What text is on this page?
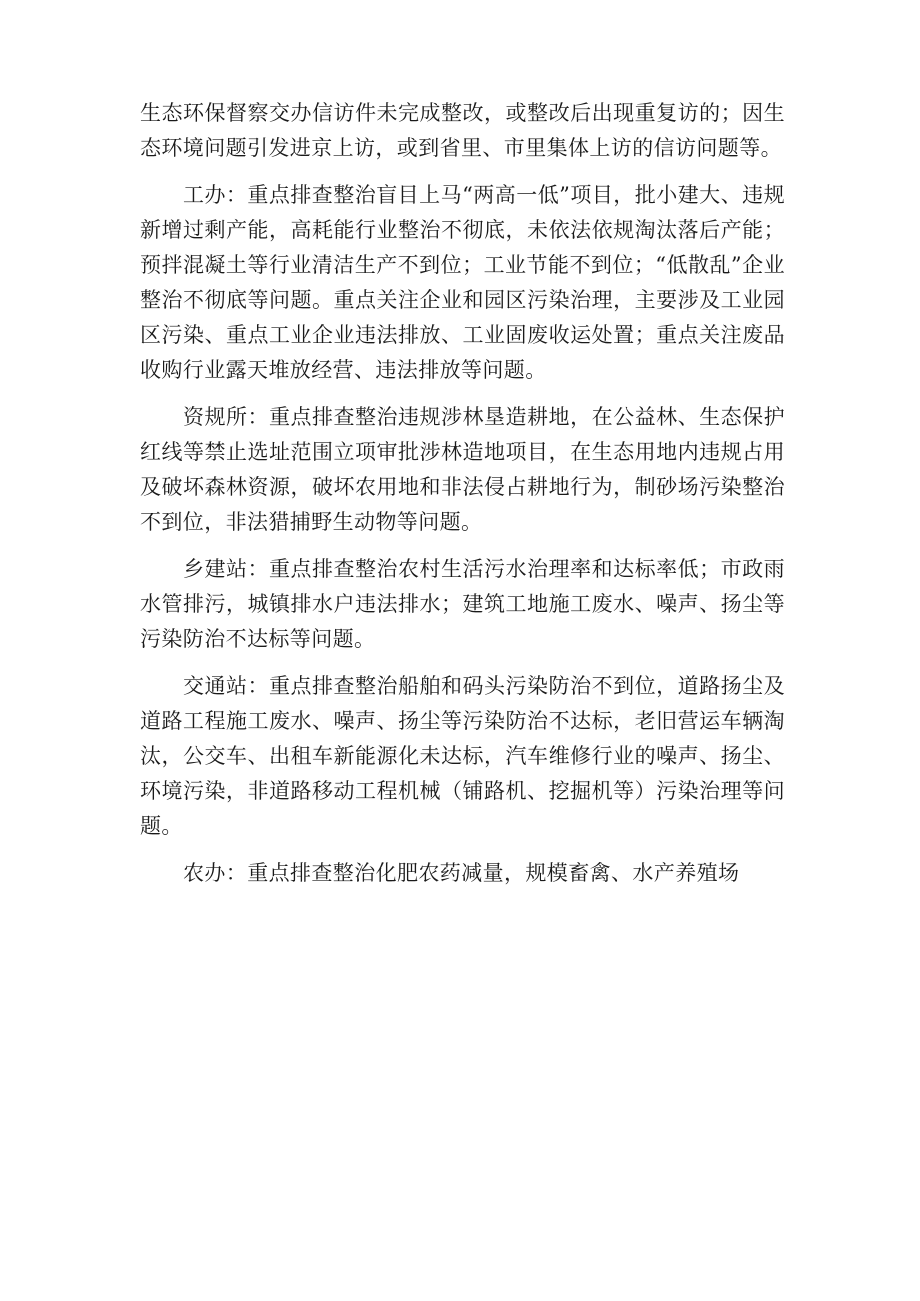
生态环保督察交办信访件未完成整改，或整改后出现重复访的；因生态环境问题引发进京上访，或到省里、市里集体上访的信访问题等。

工办：重点排查整治盲目上马“两高一低”项目，批小建大、违规新增过剩产能，高耗能行业整治不彻底，未依法依规淘汰落后产能；预拌混凝土等行业清洁生产不到位；工业节能不到位；“低散乱”企业整治不彻底等问题。重点关注企业和园区污染治理，主要涉及工业园区污染、重点工业企业违法排放、工业固废收运处置；重点关注废品收购行业露天堆放经营、违法排放等问题。

资规所：重点排查整治违规涉林垦造耕地，在公益林、生态保护红线等禁止选址范围立项审批涉林造地项目，在生态用地内违规占用及破坏森林资源，破坏农用地和非法侵占耕地行为，制砂场污染整治不到位，非法猎捕野生动物等问题。

乡建站：重点排查整治农村生活污水治理率和达标率低；市政雨水管排污，城镇排水户违法排水；建筑工地施工废水、噪声、扬尘等污染防治不达标等问题。

交通站：重点排查整治船舶和码头污染防治不到位，道路扬尘及道路工程施工废水、噪声、扬尘等污染防治不达标，老旧营运车辆淘汰，公交车、出租车新能源化未达标，汽车维修行业的噪声、扬尘、环境污染，非道路移动工程机械（铺路机、挖掘机等）污染治理等问题。

农办：重点排查整治化肥农药减量，规模畜禽、水产养殖场
